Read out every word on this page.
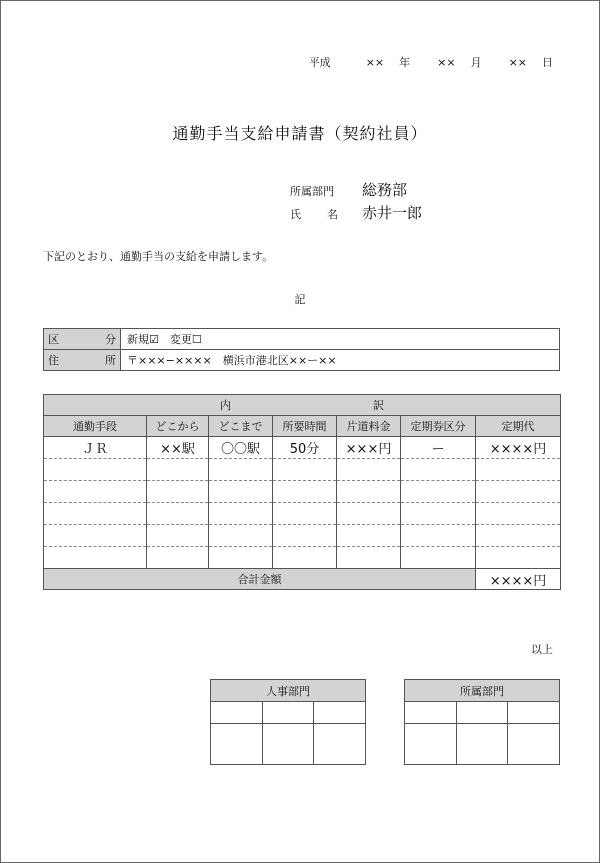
平成	×× 年 ×× 月 ×× 日
通勤手当支給申請書（契約社員）
所属部門 総務部
氏 名 赤井一郎
下記のとおり、通勤手当の支給を申請します。
記
区 分	新規☑　変更☐

住 所	〒×××−××××　横浜市港北区××ー××
内 訳						
通勤手段	どこから	どこまで	所要時間	片道料金	定期券区分	定期代
ＪＲ	××駅	〇〇駅	50分	×××円	ー	××××円

合計金額						××××円
以上
人事部門		

			所属部門		
